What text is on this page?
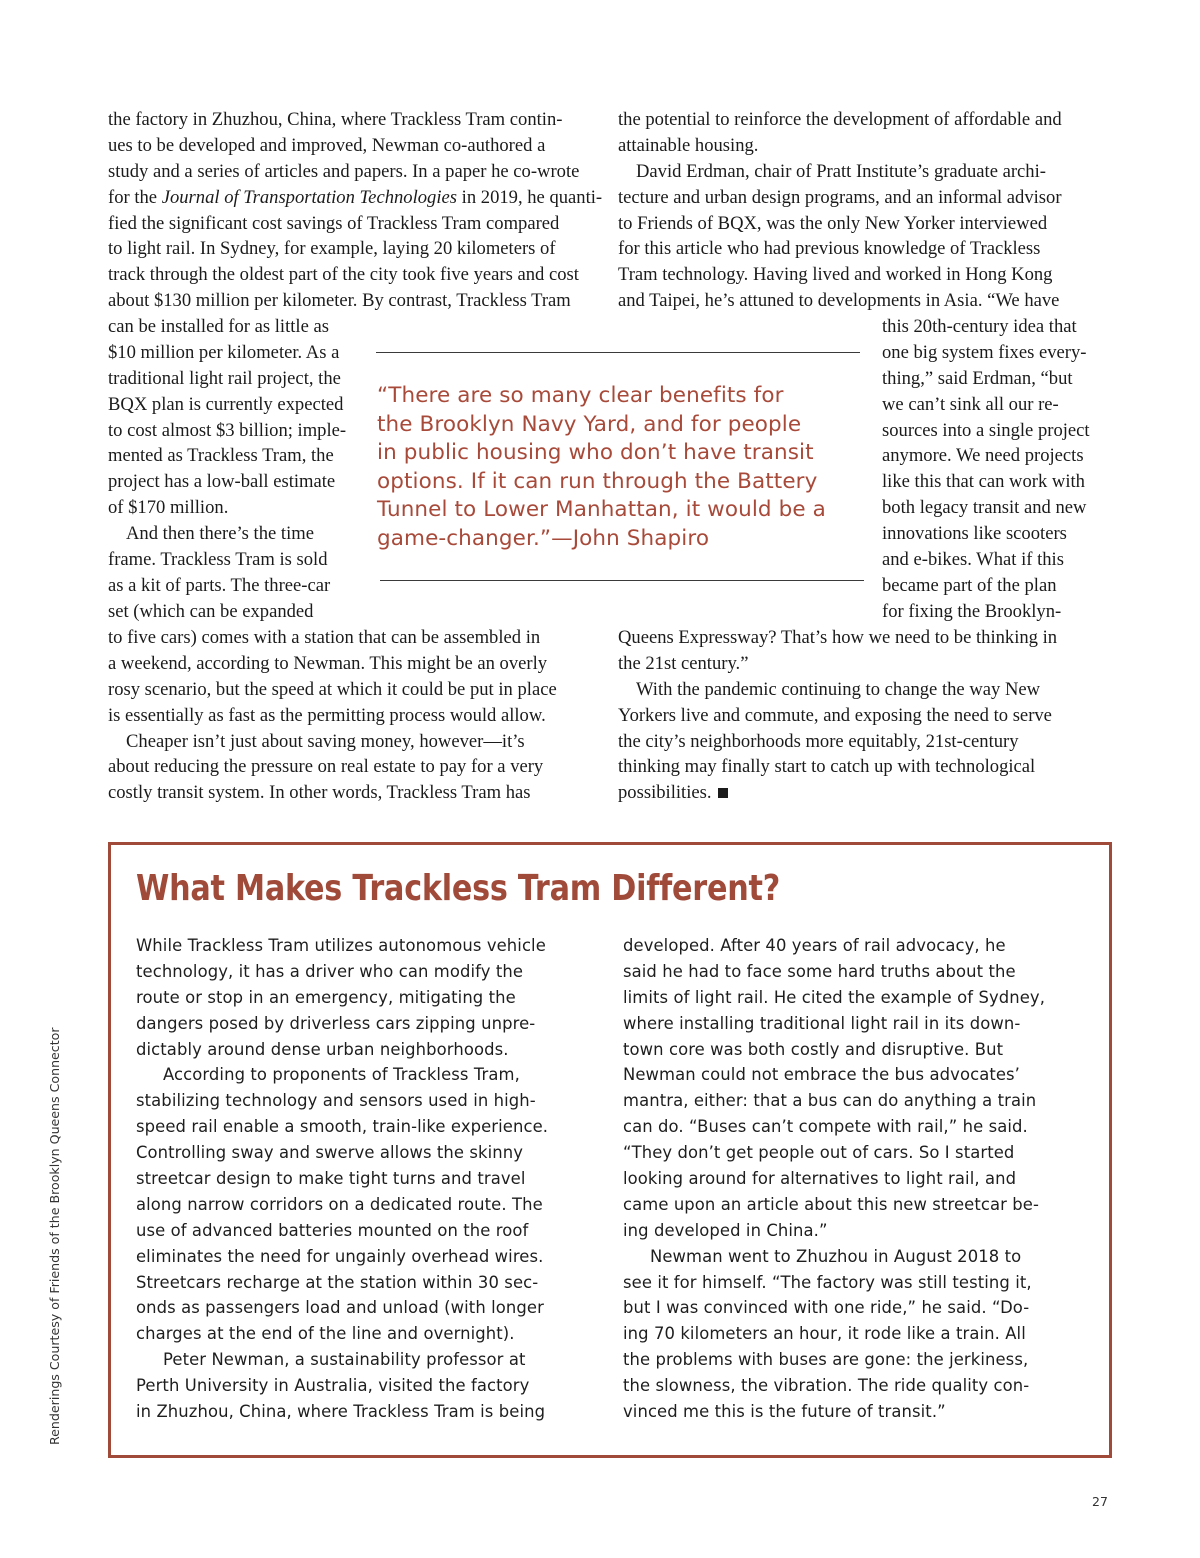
the factory in Zhuzhou, China, where Trackless Tram contin-
ues to be developed and improved, Newman co-authored a
study and a series of articles and papers. In a paper he co-wrote
for the Journal of Transportation Technologies in 2019, he quanti-
fied the significant cost savings of Trackless Tram compared
to light rail. In Sydney, for example, laying 20 kilometers of
track through the oldest part of the city took five years and cost
about $130 million per kilometer. By contrast, Trackless Tram
can be installed for as little as
$10 million per kilometer. As a
traditional light rail project, the
BQX plan is currently expected
to cost almost $3 billion; imple-
mented as Trackless Tram, the
project has a low-ball estimate
of $170 million.
And then there’s the time
frame. Trackless Tram is sold
as a kit of parts. The three-car
set (which can be expanded
to five cars) comes with a station that can be assembled in
a weekend, according to Newman. This might be an overly
rosy scenario, but the speed at which it could be put in place
is essentially as fast as the permitting process would allow.
Cheaper isn’t just about saving money, however—it’s
about reducing the pressure on real estate to pay for a very
costly transit system. In other words, Trackless Tram has
the potential to reinforce the development of affordable and
attainable housing.
David Erdman, chair of Pratt Institute’s graduate archi-
tecture and urban design programs, and an informal advisor
to Friends of BQX, was the only New Yorker interviewed
for this article who had previous knowledge of Trackless
Tram technology. Having lived and worked in Hong Kong
and Taipei, he’s attuned to developments in Asia. “We have
this 20th-century idea that
one big system fixes every-
thing,” said Erdman, “but
we can’t sink all our re-
sources into a single project
anymore. We need projects
like this that can work with
both legacy transit and new
innovations like scooters
and e-bikes. What if this
became part of the plan
for fixing the Brooklyn-
Queens Expressway? That’s how we need to be thinking in
the 21st century.”
With the pandemic continuing to change the way New
Yorkers live and commute, and exposing the need to serve
the city’s neighborhoods more equitably, 21st-century
thinking may finally start to catch up with technological
possibilities.
“There are so many clear benefits for
the Brooklyn Navy Yard, and for people
in public housing who don’t have transit
options. If it can run through the Battery
Tunnel to Lower Manhattan, it would be a
game-changer.”—John Shapiro
What Makes Trackless Tram Different?
While Trackless Tram utilizes autonomous vehicle
technology, it has a driver who can modify the
route or stop in an emergency, mitigating the
dangers posed by driverless cars zipping unpre-
dictably around dense urban neighborhoods.
According to proponents of Trackless Tram,
stabilizing technology and sensors used in high-
speed rail enable a smooth, train-like experience.
Controlling sway and swerve allows the skinny
streetcar design to make tight turns and travel
along narrow corridors on a dedicated route. The
use of advanced batteries mounted on the roof
eliminates the need for ungainly overhead wires.
Streetcars recharge at the station within 30 sec-
onds as passengers load and unload (with longer
charges at the end of the line and overnight).
Peter Newman, a sustainability professor at
Perth University in Australia, visited the factory
in Zhuzhou, China, where Trackless Tram is being
developed. After 40 years of rail advocacy, he
said he had to face some hard truths about the
limits of light rail. He cited the example of Sydney,
where installing traditional light rail in its down-
town core was both costly and disruptive. But
Newman could not embrace the bus advocates’
mantra, either: that a bus can do anything a train
can do. “Buses can’t compete with rail,” he said.
“They don’t get people out of cars. So I started
looking around for alternatives to light rail, and
came upon an article about this new streetcar be-
ing developed in China.”
Newman went to Zhuzhou in August 2018 to
see it for himself. “The factory was still testing it,
but I was convinced with one ride,” he said. “Do-
ing 70 kilometers an hour, it rode like a train. All
the problems with buses are gone: the jerkiness,
the slowness, the vibration. The ride quality con-
vinced me this is the future of transit.”
Renderings Courtesy of Friends of the Brooklyn Queens Connector
27
